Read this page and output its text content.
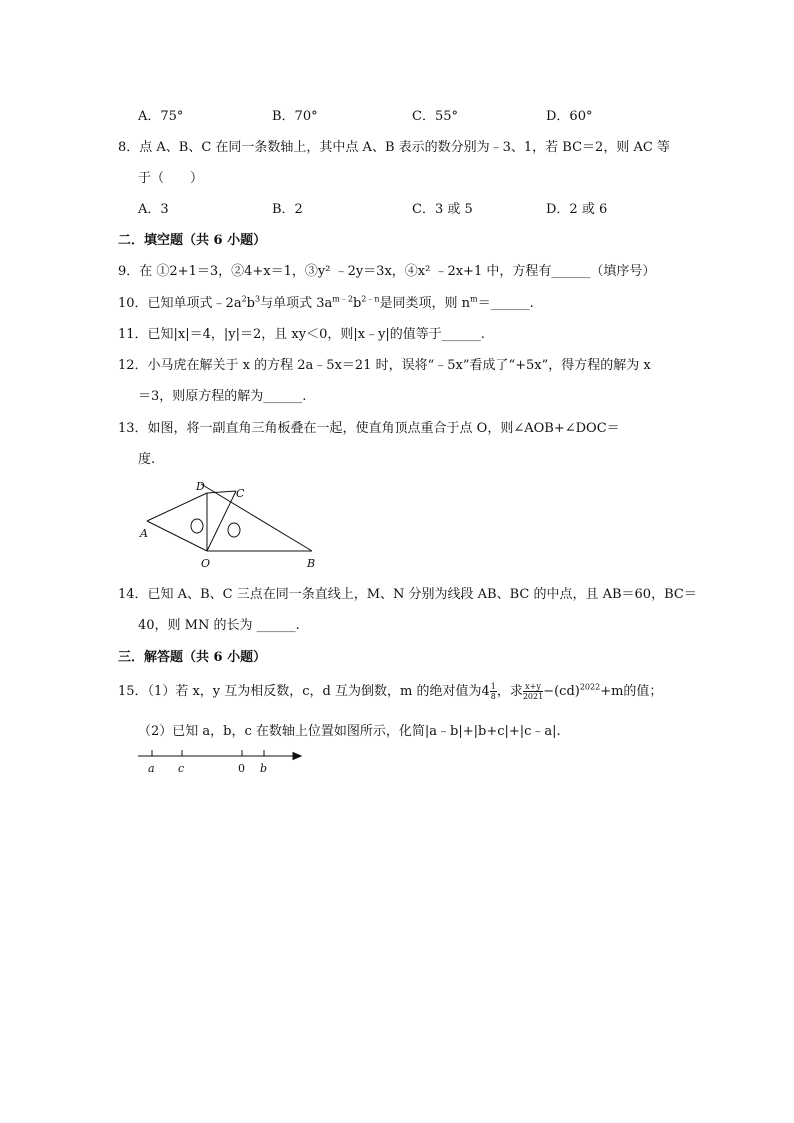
A．75°	B．70°	C．55°	D．60°
8．点 A、B、C 在同一条数轴上，其中点 A、B 表示的数分别为﹣3、1，若 BC＝2，则 AC 等
于（　　）
A．3	B．2	C．3 或 5	D．2 或 6
二．填空题（共 6 小题）
9．在 ①2+1＝3，②4+x＝1，③y² ﹣2y＝3x，④x² ﹣2x+1 中，方程有______（填序号）
10．已知单项式$﹣2a^2b^3$与单项式 $3a^{m﹣2}b^{2﹣n}$是同类项，则 $n^m=\_\_\_\_\_\_$.
11．已知|x|＝4，|y|＝2，且 xy＜0，则|x﹣y|的值等于______.
12．小马虎在解关于 x 的方程 2a﹣5x＝21 时，误将“﹣5x”看成了“+5x”，得方程的解为 x
＝3，则原方程的解为______.
13．如图，将一副直角三角板叠在一起，使直角顶点重合于点 O，则∠AOB+∠DOC＝
度.
D
C
A
O	B
14．已知 A、B、C 三点在同一条直线上，M、N 分别为线段 AB、BC 的中点，且 AB＝60，BC＝
40，则 MN 的长为 ______.
三．解答题（共 6 小题）
15．（1）若 x，y 互为相反数，c，d 互为倒数，m 的绝对值为$4 \frac{1}{8}$ ，求 $\frac{x+y}{2021} -(cd)^{2022}+m$的值；
（2）已知 a，b，c 在数轴上位置如图所示，化简|a﹣b|+|b+c|+|c﹣a|.
a c	0 b
